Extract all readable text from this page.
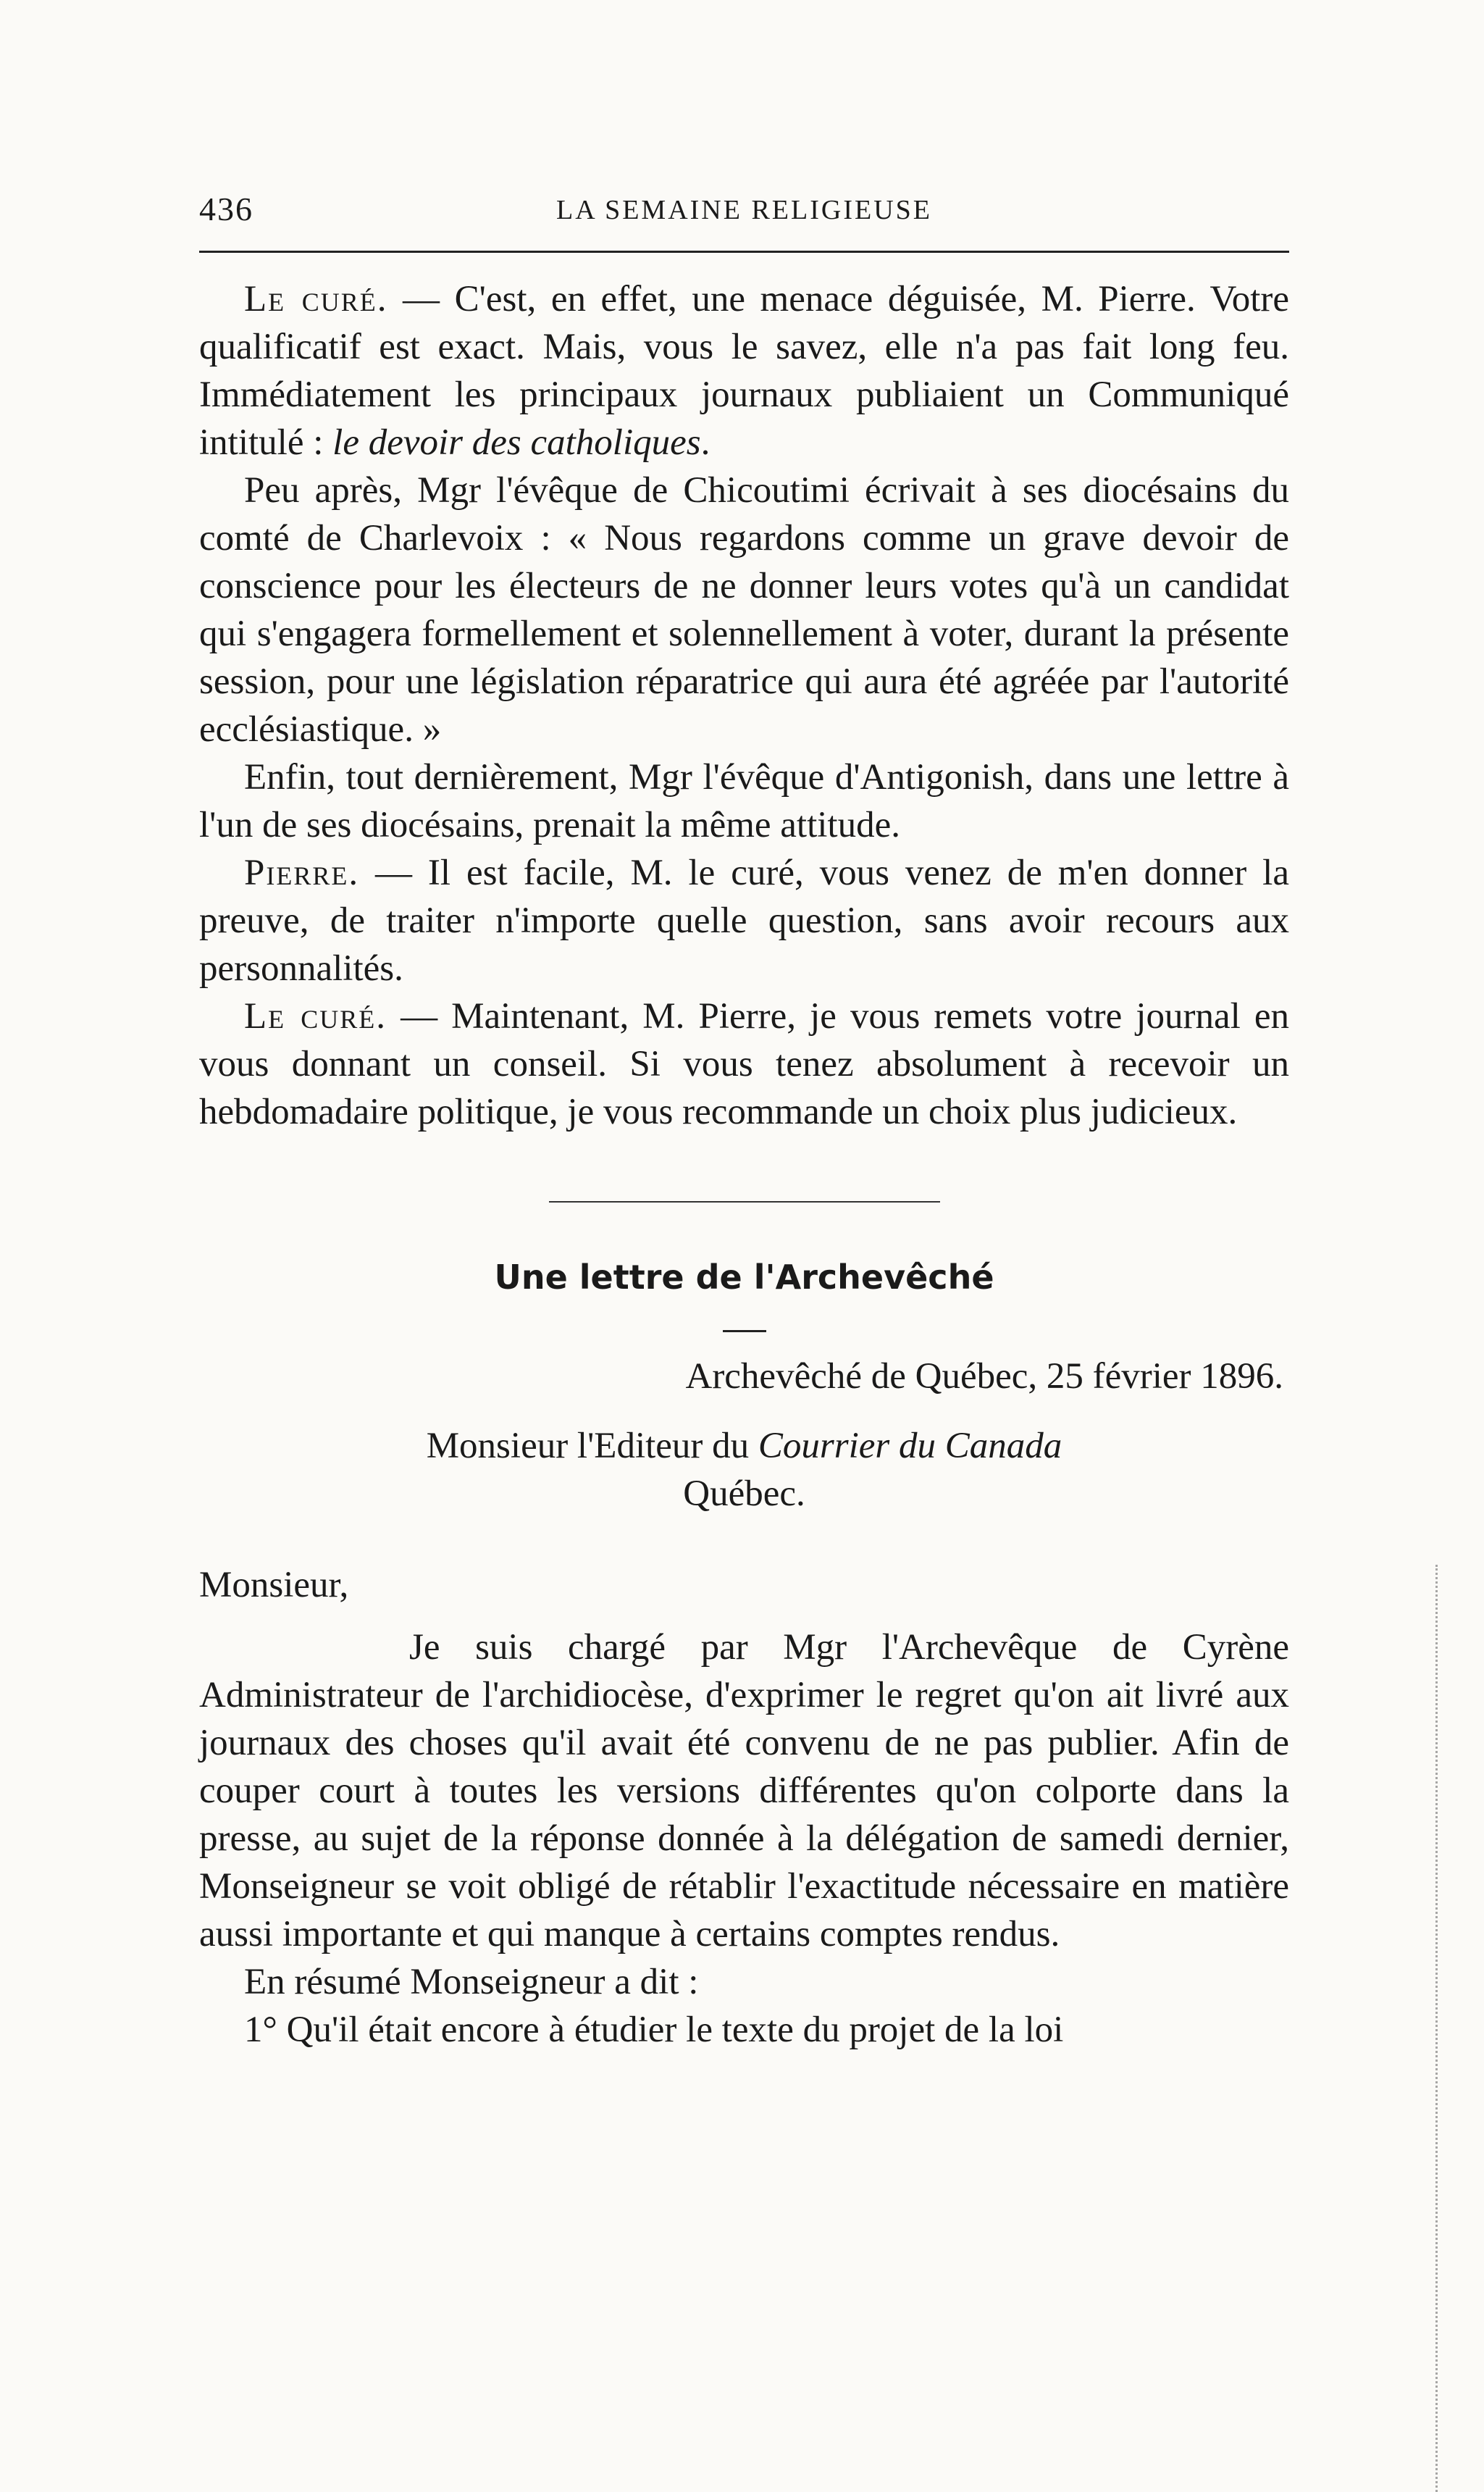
436	LA SEMAINE RELIGIEUSE

Le curé. — C'est, en effet, une menace déguisée, M. Pierre. Votre qualificatif est exact. Mais, vous le savez, elle n'a pas fait long feu. Immédiatement les principaux journaux publiaient un Communiqué intitulé : le devoir des catholiques.

Peu après, Mgr l'évêque de Chicoutimi écrivait à ses diocésains du comté de Charlevoix : « Nous regardons comme un grave devoir de conscience pour les électeurs de ne donner leurs votes qu'à un candidat qui s'engagera formellement et solennellement à voter, durant la présente session, pour une législation réparatrice qui aura été agréée par l'autorité ecclésiastique. »

Enfin, tout dernièrement, Mgr l'évêque d'Antigonish, dans une lettre à l'un de ses diocésains, prenait la même attitude.

Pierre. — Il est facile, M. le curé, vous venez de m'en donner la preuve, de traiter n'importe quelle question, sans avoir recours aux personnalités.

Le curé. — Maintenant, M. Pierre, je vous remets votre journal en vous donnant un conseil. Si vous tenez absolument à recevoir un hebdomadaire politique, je vous recommande un choix plus judicieux.

Une lettre de l'Archevêché
Archevêché de Québec, 25 février 1896.
Monsieur l'Editeur du Courrier du Canada
Québec.

Monsieur,

Je suis chargé par Mgr l'Archevêque de Cyrène Administrateur de l'archidiocèse, d'exprimer le regret qu'on ait livré aux journaux des choses qu'il avait été convenu de ne pas publier. Afin de couper court à toutes les versions différentes qu'on colporte dans la presse, au sujet de la réponse donnée à la délégation de samedi dernier, Monseigneur se voit obligé de rétablir l'exactitude nécessaire en matière aussi importante et qui manque à certains comptes rendus.

En résumé Monseigneur a dit :

1° Qu'il était encore à étudier le texte du projet de la loi
